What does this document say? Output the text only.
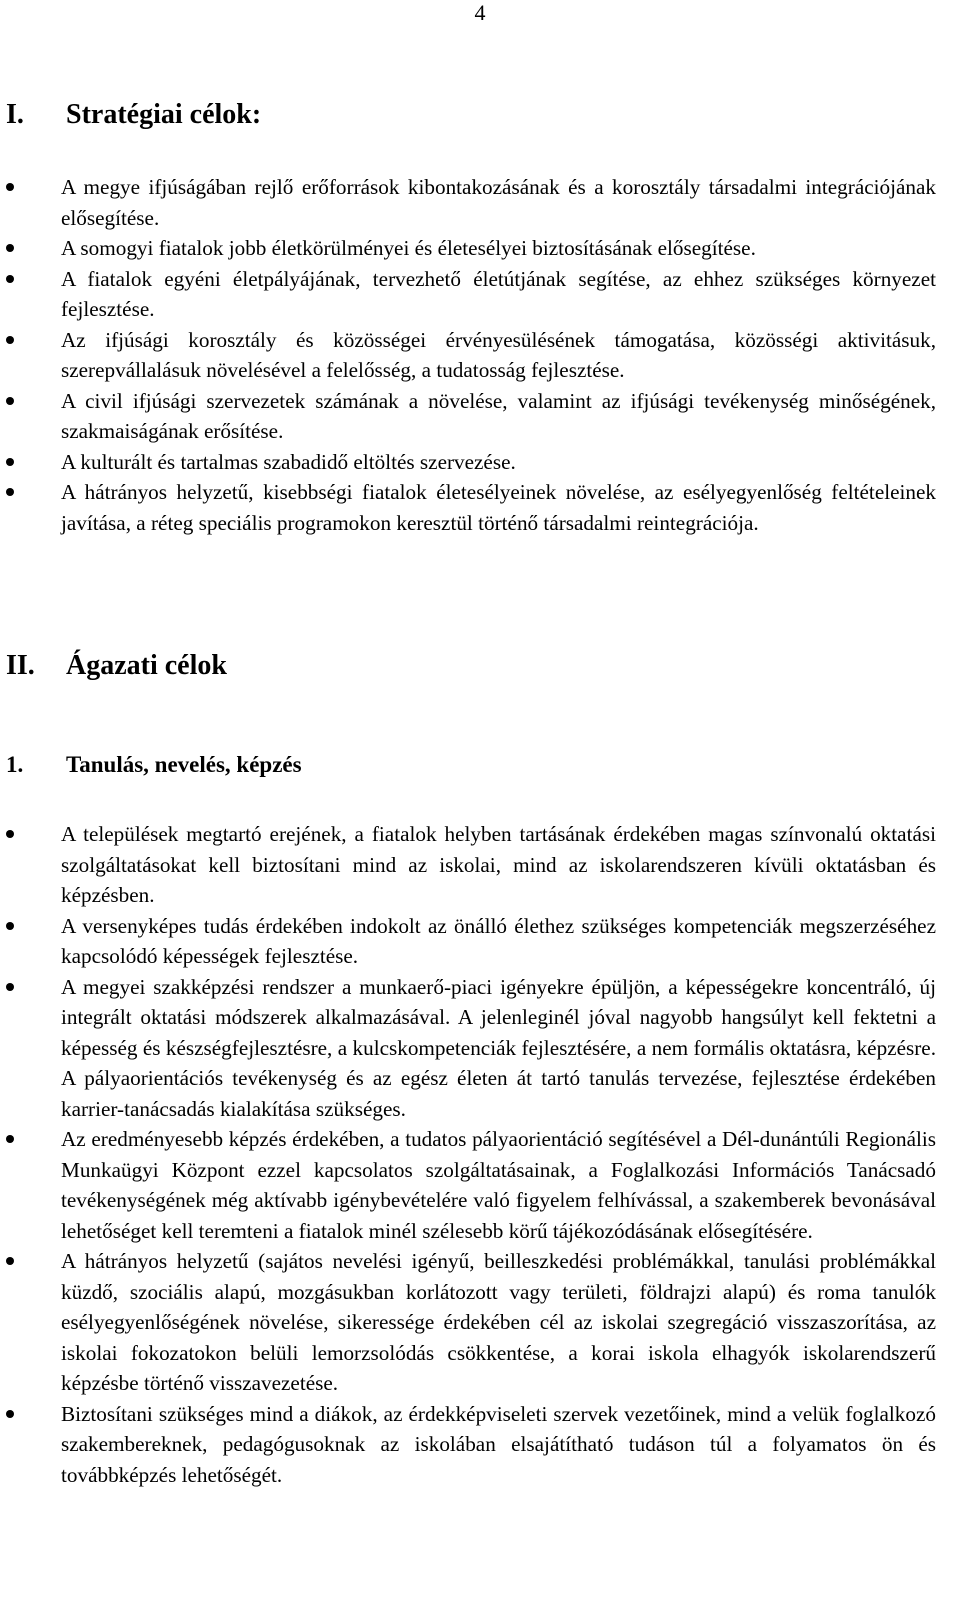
4
I. Stratégiai célok:
A megye ifjúságában rejlő erőforrások kibontakozásának és a korosztály társadalmi integrációjának elősegítése.
A somogyi fiatalok jobb életkörülményei és életesélyei biztosításának elősegítése.
A fiatalok egyéni életpályájának, tervezhető életútjának segítése, az ehhez szükséges környezet fejlesztése.
Az ifjúsági korosztály és közösségei érvényesülésének támogatása, közösségi aktivitásuk, szerepvállalásuk növelésével a felelősség, a tudatosság fejlesztése.
A civil ifjúsági szervezetek számának a növelése, valamint az ifjúsági tevékenység minőségének, szakmaiságának erősítése.
A kulturált és tartalmas szabadidő eltöltés szervezése.
A hátrányos helyzetű, kisebbségi fiatalok életesélyeinek növelése, az esélyegyenlőség feltételeinek javítása, a réteg speciális programokon keresztül történő társadalmi reintegrációja.
II. Ágazati célok
1. Tanulás, nevelés, képzés
A települések megtartó erejének, a fiatalok helyben tartásának érdekében magas színvonalú oktatási szolgáltatásokat kell biztosítani mind az iskolai, mind az iskolarendszeren kívüli oktatásban és képzésben.
A versenyképes tudás érdekében indokolt az önálló élethez szükséges kompetenciák megszerzéséhez kapcsolódó képességek fejlesztése.
A megyei szakképzési rendszer a munkaerő-piaci igényekre épüljön, a képességekre koncentráló, új integrált oktatási módszerek alkalmazásával. A jelenleginél jóval nagyobb hangsúlyt kell fektetni a képesség és készségfejlesztésre, a kulcskompetenciák fejlesztésére, a nem formális oktatásra, képzésre. A pályaorientációs tevékenység és az egész életen át tartó tanulás tervezése, fejlesztése érdekében karrier-tanácsadás kialakítása szükséges.
Az eredményesebb képzés érdekében, a tudatos pályaorientáció segítésével a Dél-dunántúli Regionális Munkaügyi Központ ezzel kapcsolatos szolgáltatásainak, a Foglalkozási Információs Tanácsadó tevékenységének még aktívabb igénybevételére való figyelem felhívással, a szakemberek bevonásával lehetőséget kell teremteni a fiatalok minél szélesebb körű tájékozódásának elősegítésére.
A hátrányos helyzetű (sajátos nevelési igényű, beilleszkedési problémákkal, tanulási problémákkal küzdő, szociális alapú, mozgásukban korlátozott vagy területi, földrajzi alapú) és roma tanulók esélyegyenlőségének növelése, sikeressége érdekében cél az iskolai szegregáció visszaszorítása, az iskolai fokozatokon belüli lemorzsolódás csökkentése, a korai iskola elhagyók iskolarendszerű képzésbe történő visszavezetése.
Biztosítani szükséges mind a diákok, az érdekképviseleti szervek vezetőinek, mind a velük foglalkozó szakembereknek, pedagógusoknak az iskolában elsajátítható tudáson túl a folyamatos ön és továbbképzés lehetőségét.
